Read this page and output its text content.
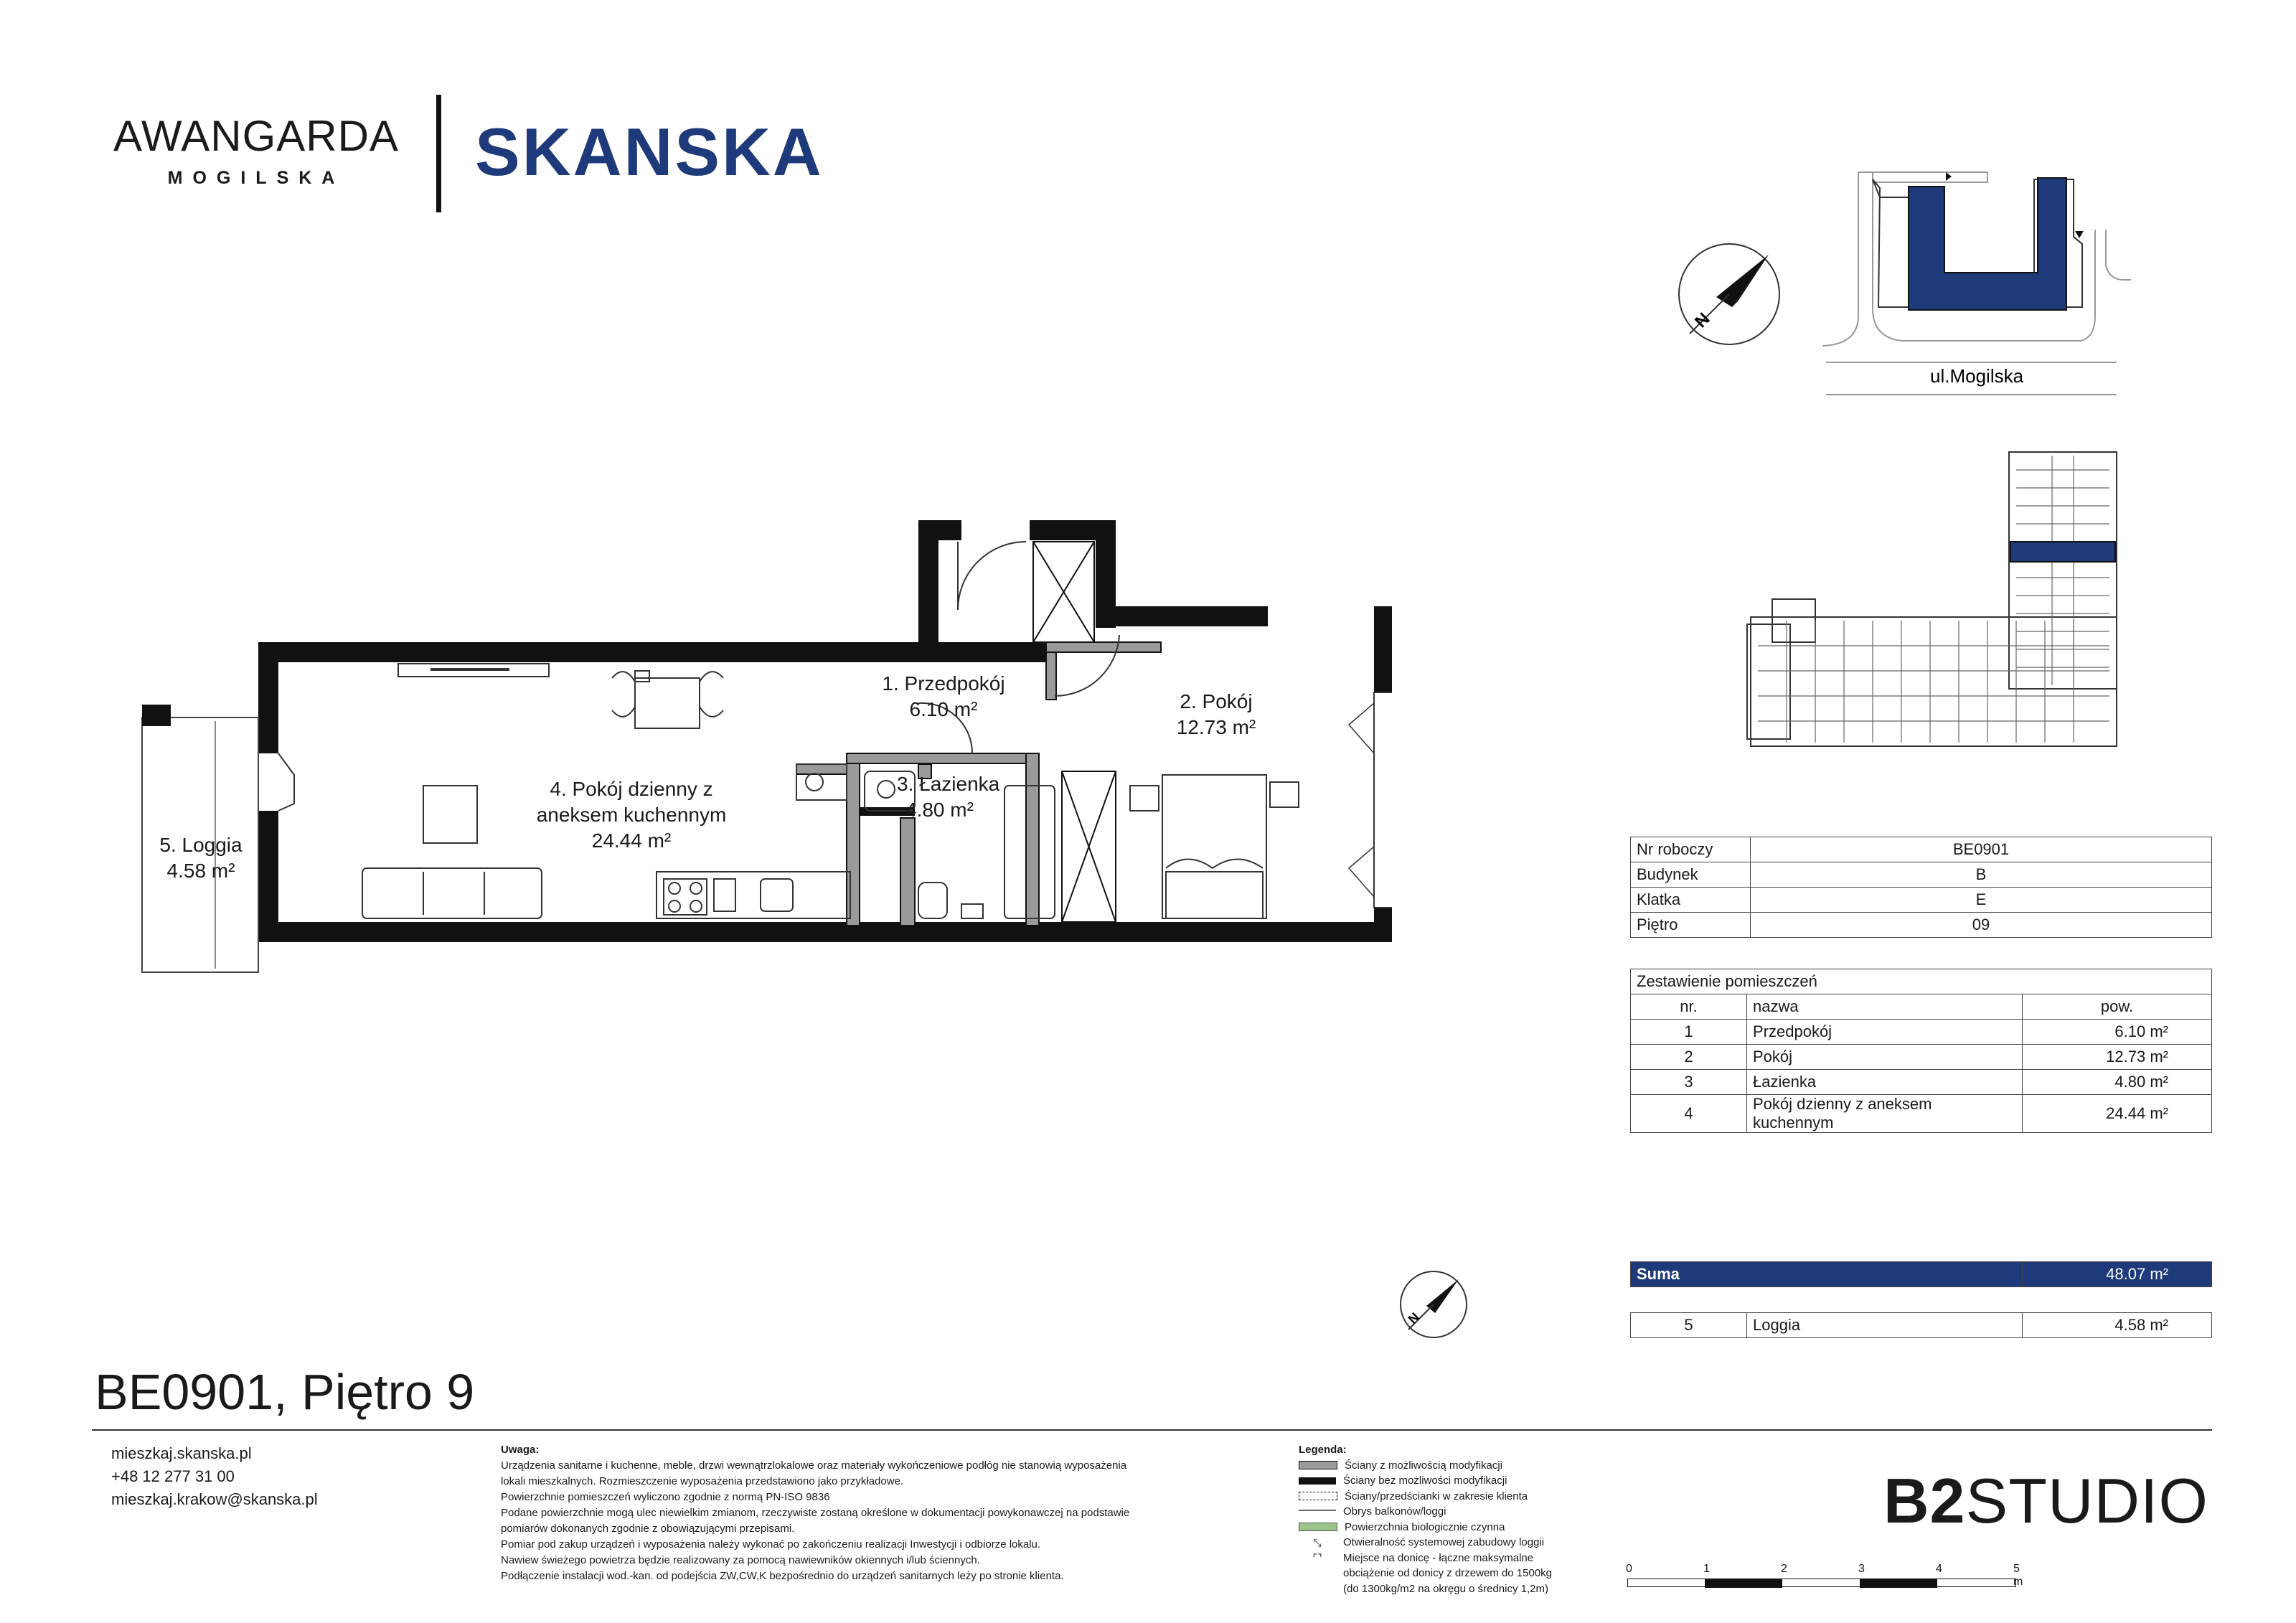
AWANGARDA
MOGILSKA	SKANSKA
N
ul.Mogilska
1. Przedpokój
6.10 m²	2. Pokój
12.73 m²
3. Łazienka
4.80 m²
4. Pokój dzienny z
aneksem kuchennym
24.44 m²
5. Loggia
4.58 m²
N
Nr roboczy	BE0901
Budynek	B
Klatka	E
Piętro	09
Zestawienie pomieszczeń		
nr.	nazwa	pow.
1	Przedpokój	6.10 m²
2	Pokój	12.73 m²
3	Łazienka	4.80 m²
4	Pokój dzienny z aneksem kuchennym	24.44 m²
Suma	48.07 m²
5	Loggia	4.58 m²
BE0901, Piętro 9
mieszkaj.skanska.pl
+48 12 277 31 00
mieszkaj.krakow@skanska.pl
Uwaga:
Urządzenia sanitarne i kuchenne, meble, drzwi wewnątrzlokalowe oraz materiały wykończeniowe podłóg nie stanowią wyposażenia
lokali mieszkalnych. Rozmieszczenie wyposażenia przedstawiono jako przykładowe.
Powierzchnie pomieszczeń wyliczono zgodnie z normą PN-ISO 9836
Podane powierzchnie mogą ulec niewielkim zmianom, rzeczywiste zostaną określone w dokumentacji powykonawczej na podstawie
pomiarów dokonanych zgodnie z obowiązującymi przepisami.
Pomiar pod zakup urządzeń i wyposażenia należy wykonać po zakończeniu realizacji Inwestycji i odbiorze lokalu.
Nawiew świeżego powietrza będzie realizowany za pomocą nawiewników okiennych i/lub ściennych.
Podłączenie instalacji wod.-kan. od podejścia ZW,CW,K bezpośrednio do urządzeń sanitarnych leży po stronie klienta.
Legenda:
Ściany z możliwością modyfikacji
Ściany bez możliwości modyfikacji
Ściany/przedścianki w zakresie klienta
Obrys balkonów/loggi
Powierzchnia biologicznie czynna
⤡	Otwieralność systemowej zabudowy loggii
⌜⌝	Miejsce na donicę - łączne maksymalne
obciążenie od donicy z drzewem do 1500kg
(do 1300kg/m2 na okręgu o średnicy 1,2m)
0	1	2	3	4	5 m
B2STUDIO
